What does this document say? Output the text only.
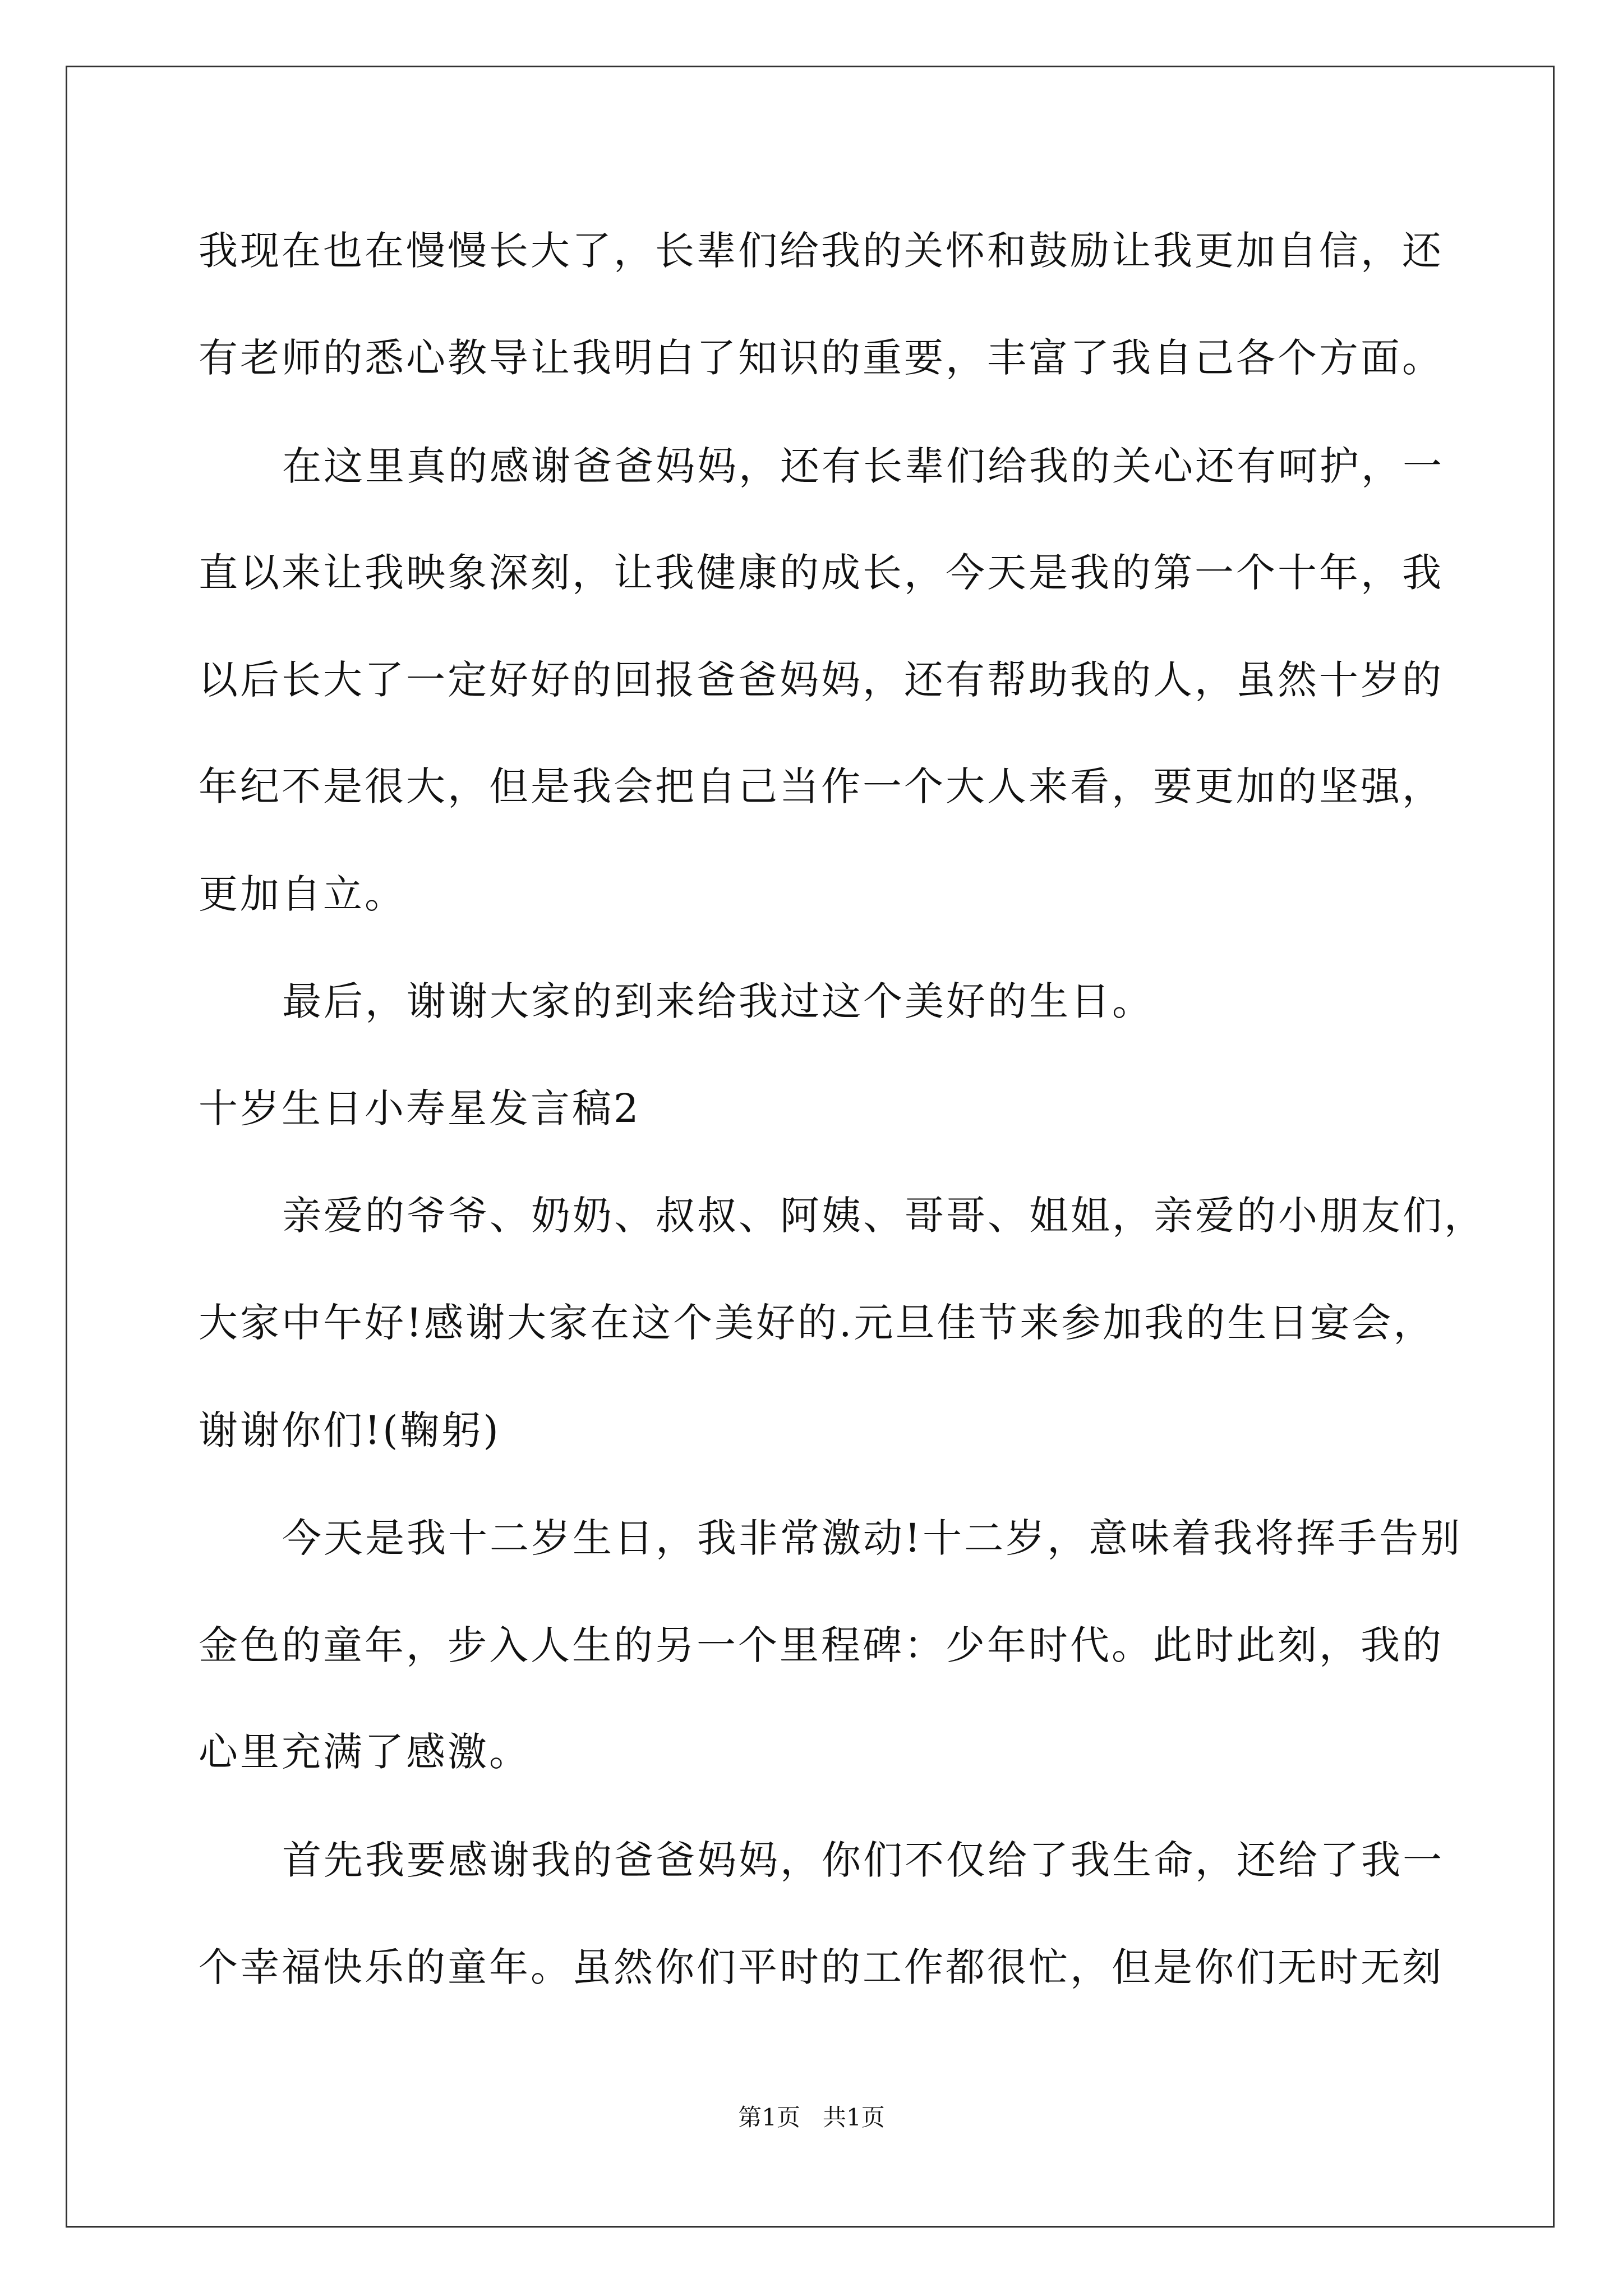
我现在也在慢慢长大了，长辈们给我的关怀和鼓励让我更加自信，还
有老师的悉心教导让我明白了知识的重要，丰富了我自己各个方面。
在这里真的感谢爸爸妈妈，还有长辈们给我的关心还有呵护，一
直以来让我映象深刻，让我健康的成长，今天是我的第一个十年，我
以后长大了一定好好的回报爸爸妈妈，还有帮助我的人，虽然十岁的
年纪不是很大，但是我会把自己当作一个大人来看，要更加的坚强，
更加自立。
最后，谢谢大家的到来给我过这个美好的生日。
十岁生日小寿星发言稿2
亲爱的爷爷、奶奶、叔叔、阿姨、哥哥、姐姐，亲爱的小朋友们，
大家中午好!感谢大家在这个美好的.元旦佳节来参加我的生日宴会，
谢谢你们!(鞠躬)
今天是我十二岁生日，我非常激动!十二岁，意味着我将挥手告别
金色的童年，步入人生的另一个里程碑：少年时代。此时此刻，我的
心里充满了感激。
首先我要感谢我的爸爸妈妈，你们不仅给了我生命，还给了我一
个幸福快乐的童年。虽然你们平时的工作都很忙，但是你们无时无刻
第1页   共1页
